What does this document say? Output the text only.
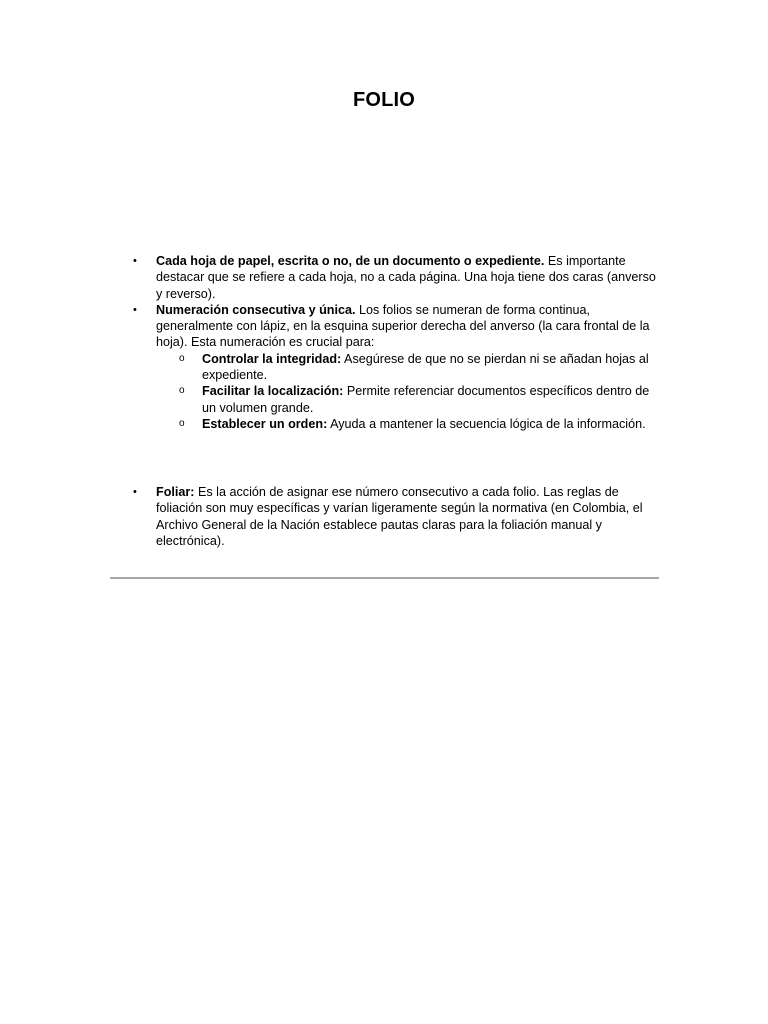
FOLIO
• Cada hoja de papel, escrita o no, de un documento o expediente. Es importante destacar que se refiere a cada hoja, no a cada página. Una hoja tiene dos caras (anverso y reverso).
• Numeración consecutiva y única. Los folios se numeran de forma continua, generalmente con lápiz, en la esquina superior derecha del anverso (la cara frontal de la hoja). Esta numeración es crucial para:
o Controlar la integridad: Asegúrese de que no se pierdan ni se añadan hojas al expediente.
o Facilitar la localización: Permite referenciar documentos específicos dentro de un volumen grande.
o Establecer un orden: Ayuda a mantener la secuencia lógica de la información.
• Foliar: Es la acción de asignar ese número consecutivo a cada folio. Las reglas de foliación son muy específicas y varían ligeramente según la normativa (en Colombia, el Archivo General de la Nación establece pautas claras para la foliación manual y electrónica).
